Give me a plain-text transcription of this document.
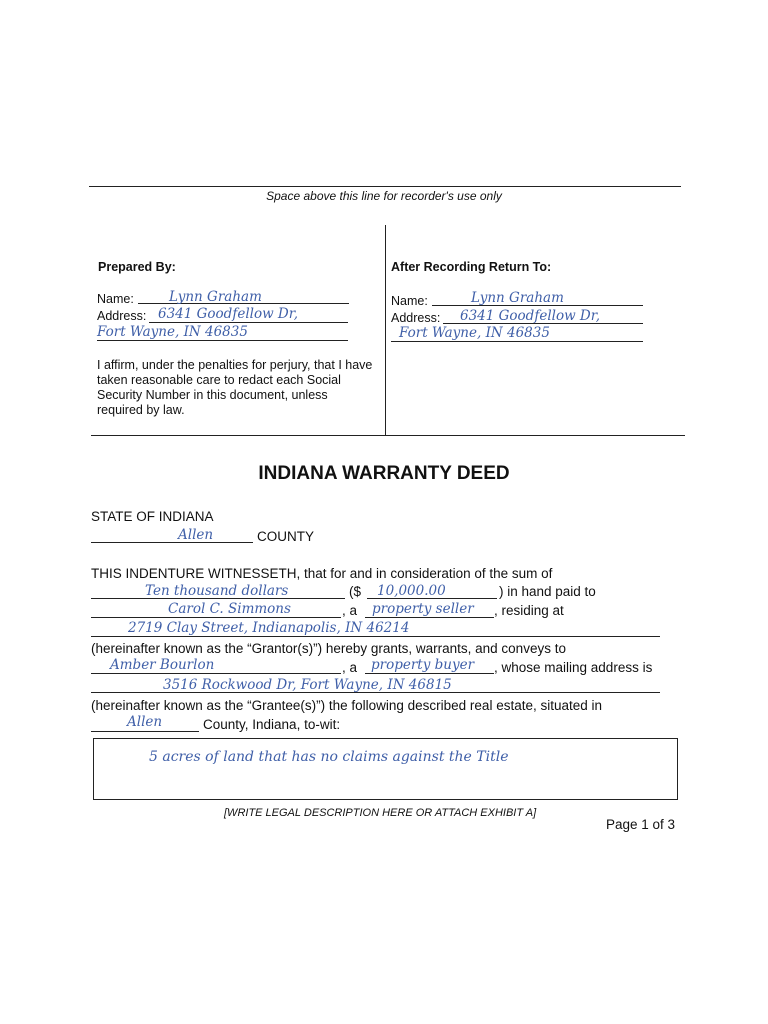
Space above this line for recorder's use only
Prepared By:
Name:	Lynn Graham
Address: 6341 Goodfellow Dr,
Fort Wayne, IN 46835
I affirm, under the penalties for perjury, that I have
taken reasonable care to redact each Social
Security Number in this document, unless
required by law.
After Recording Return To:
Name:	Lynn Graham
Address: 6341 Goodfellow Dr,
Fort Wayne, IN 46835
INDIANA WARRANTY DEED
STATE OF INDIANA
Allen	COUNTY
THIS INDENTURE WITNESSETH, that for and in consideration of the sum of
Ten thousand dollars	($ 10,000.00	) in hand paid to
Carol C. Simmons	, a property seller , residing at
2719 Clay Street, Indianapolis, IN 46214
(hereinafter known as the “Grantor(s)”) hereby grants, warrants, and conveys to
Amber Bourlon	, a property buyer , whose mailing address is
3516 Rockwood Dr, Fort Wayne, IN 46815
(hereinafter known as the “Grantee(s)”) the following described real estate, situated in
Allen	County, Indiana, to-wit:
5 acres of land that has no claims against the Title
[WRITE LEGAL DESCRIPTION HERE OR ATTACH EXHIBIT A]
Page 1 of 3
